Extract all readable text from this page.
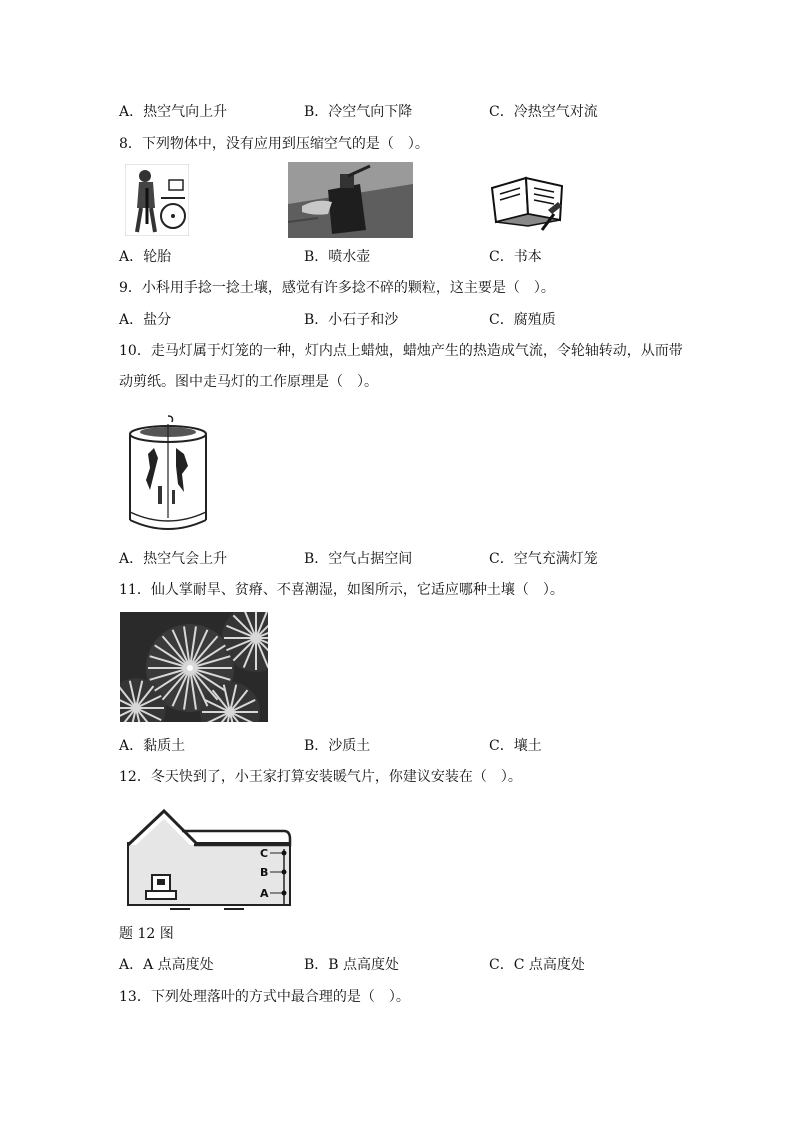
A．热空气向上升	B．冷空气向下降	C．冷热空气对流
8．下列物体中，没有应用到压缩空气的是（　）。
A．轮胎	B．喷水壶	C．书本
9．小科用手捻一捻土壤，感觉有许多捻不碎的颗粒，这主要是（　）。
A．盐分	B．小石子和沙	C．腐殖质
10．走马灯属于灯笼的一种，灯内点上蜡烛，蜡烛产生的热造成气流，令轮轴转动，从而带
动剪纸。图中走马灯的工作原理是（　）。
A．热空气会上升	B．空气占据空间	C．空气充满灯笼
11．仙人掌耐旱、贫瘠、不喜潮湿，如图所示，它适应哪种土壤（　）。
A．黏质土	B．沙质土	C．壤土
12．冬天快到了，小王家打算安装暖气片，你建议安装在（　）。
C
B
A
题 12 图
A．A 点高度处	B．B 点高度处	C．C 点高度处
13．下列处理落叶的方式中最合理的是（　）。
